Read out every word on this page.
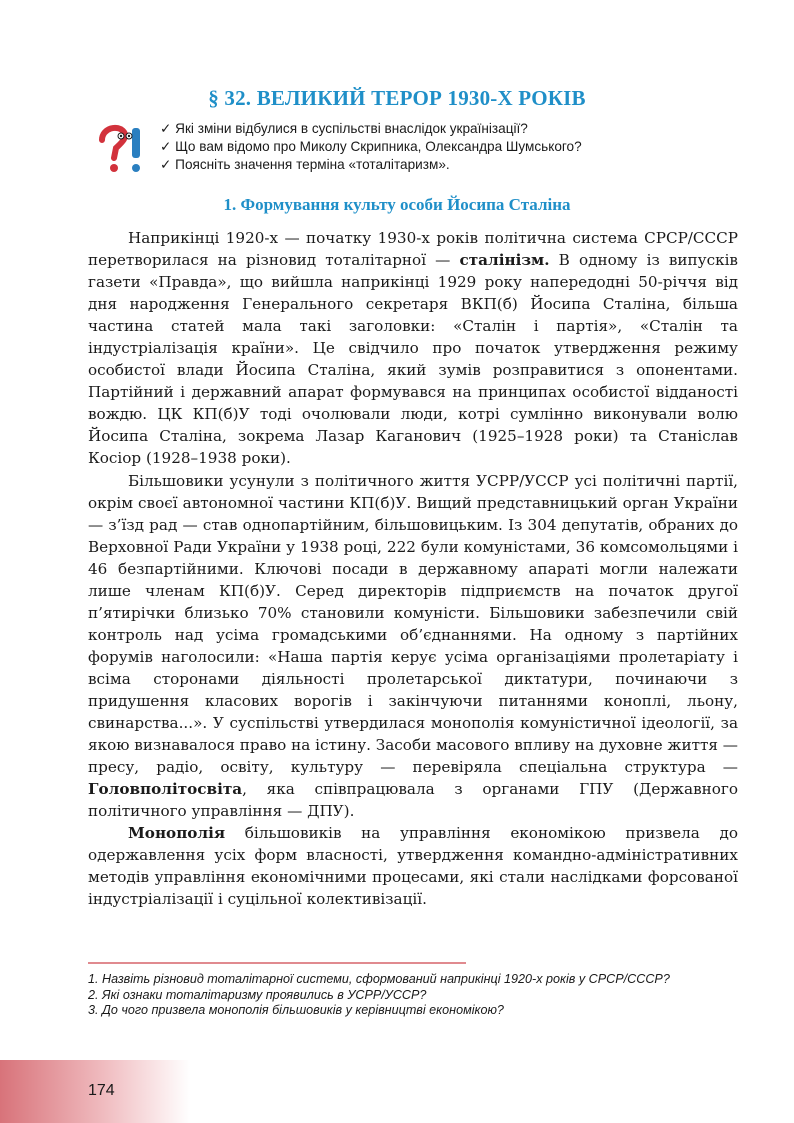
§ 32. ВЕЛИКИЙ ТЕРОР 1930-Х РОКІВ
✓ Які зміни відбулися в суспільстві внаслідок українізації?
✓ Що вам відомо про Миколу Скрипника, Олександра Шумського?
✓ Поясніть значення терміна «тоталітаризм».
1. Формування культу особи Йосипа Сталіна

Наприкінці 1920-х — початку 1930-х років політична система СРСР/СССР перетворилася на різновид тоталітарної — сталінізм. В одному із випусків газети «Правда», що вийшла наприкінці 1929 року напередодні 50-річчя від дня народження Генерального секретаря ВКП(б) Йосипа Сталіна, більша частина статей мала такі заголовки: «Сталін і партія», «Сталін та індустріалізація країни». Це свідчило про початок утвердження режиму особистої влади Йосипа Сталіна, який зумів розправитися з опонентами. Партійний і державний апарат формувався на принципах особистої відданості вождю. ЦК КП(б)У тоді очолювали люди, котрі сумлінно виконували волю Йосипа Сталіна, зокрема Лазар Каганович (1925–1928 роки) та Станіслав Косіор (1928–1938 роки).

Більшовики усунули з політичного життя УСРР/УССР усі політичні партії, окрім своєї автономної частини КП(б)У. Вищий представницький орган України — з’їзд рад — став однопартійним, більшовицьким. Із 304 депутатів, обраних до Верховної Ради України у 1938 році, 222 були комуністами, 36 комсомольцями і 46 безпартійними. Ключові посади в державному апараті могли належати лише членам КП(б)У. Серед директорів підприємств на початок другої п’ятирічки близько 70% становили комуністи. Більшовики забезпечили свій контроль над усіма громадськими об’єднаннями. На одному з партійних форумів наголосили: «Наша партія керує усіма організаціями пролетаріату і всіма сторонами діяльності пролетарської диктатури, починаючи з придушення класових ворогів і закінчуючи питаннями коноплі, льону, свинарства...». У суспільстві утвердилася монополія комуністичної ідеології, за якою визнавалося право на істину. Засоби масового впливу на духовне життя — пресу, радіо, освіту, культуру — перевіряла спеціальна структура — Головполітосвіта, яка співпрацювала з органами ГПУ (Державного політичного управління — ДПУ).

Монополія більшовиків на управління економікою призвела до одержавлення усіх форм власності, утвердження командно-адміністративних методів управління економічними процесами, які стали наслідками форсованої індустріалізації і суцільної колективізації.

1. Назвіть різновид тоталітарної системи, сформований наприкінці 1920-х років у СРСР/СССР?
2. Які ознаки тоталітаризму проявились в УСРР/УССР?
3. До чого призвела монополія більшовиків у керівництві економікою?
174
